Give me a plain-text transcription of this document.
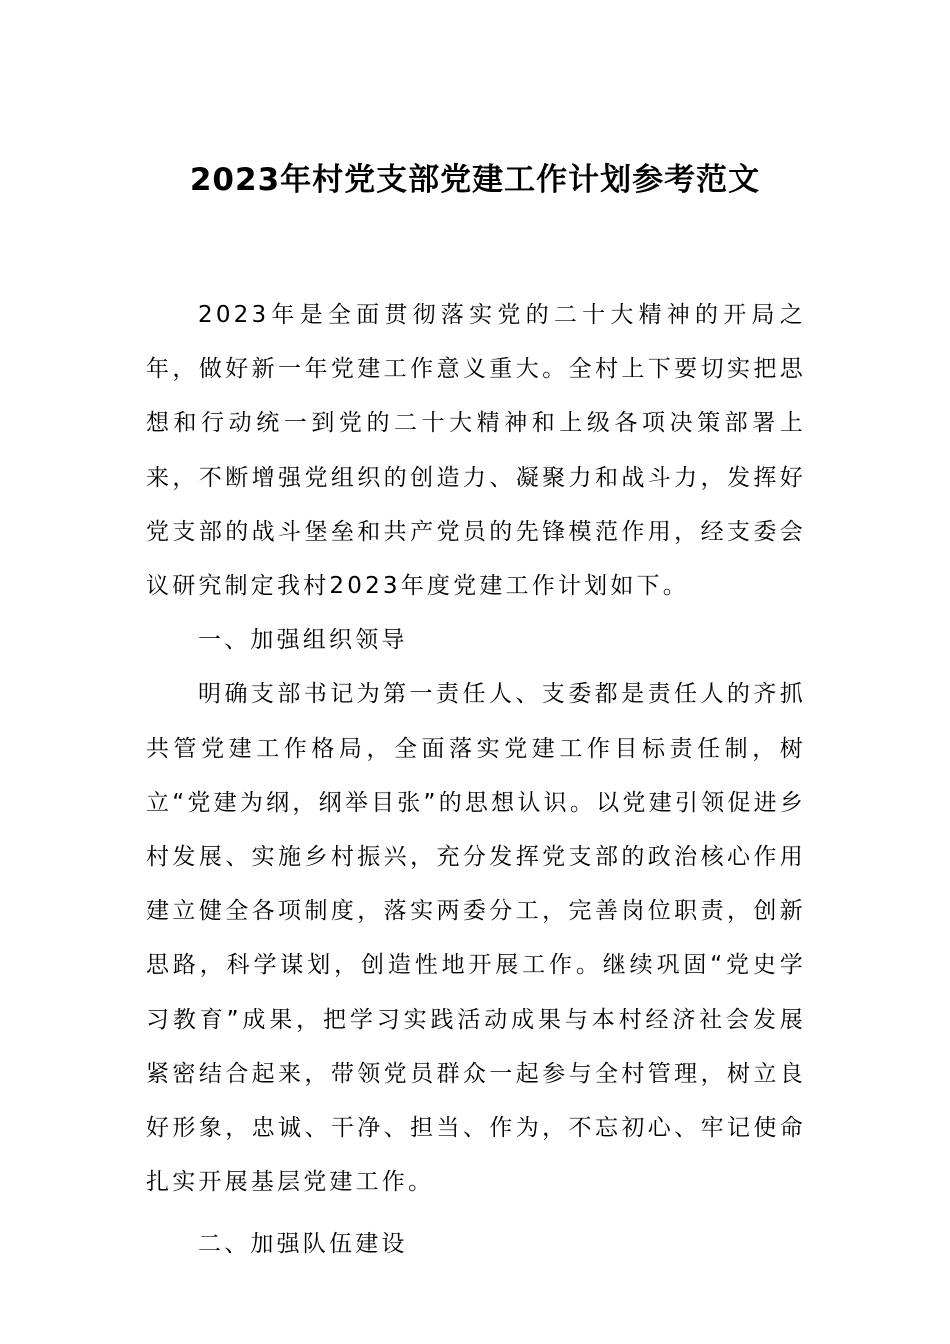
2023年村党支部党建工作计划参考范文

2023年是全面贯彻落实党的二十大精神的开局之年，做好新一年党建工作意义重大。全村上下要切实把思想和行动统一到党的二十大精神和上级各项决策部署上来，不断增强党组织的创造力、凝聚力和战斗力，发挥好党支部的战斗堡垒和共产党员的先锋模范作用，经支委会议研究制定我村2023年度党建工作计划如下。

一、加强组织领导

明确支部书记为第一责任人、支委都是责任人的齐抓共管党建工作格局，全面落实党建工作目标责任制，树立“党建为纲，纲举目张”的思想认识。以党建引领促进乡村发展、实施乡村振兴，充分发挥党支部的政治核心作用建立健全各项制度，落实两委分工，完善岗位职责，创新思路，科学谋划，创造性地开展工作。继续巩固“党史学习教育”成果，把学习实践活动成果与本村经济社会发展紧密结合起来，带领党员群众一起参与全村管理，树立良好形象，忠诚、干净、担当、作为，不忘初心、牢记使命扎实开展基层党建工作。

二、加强队伍建设
